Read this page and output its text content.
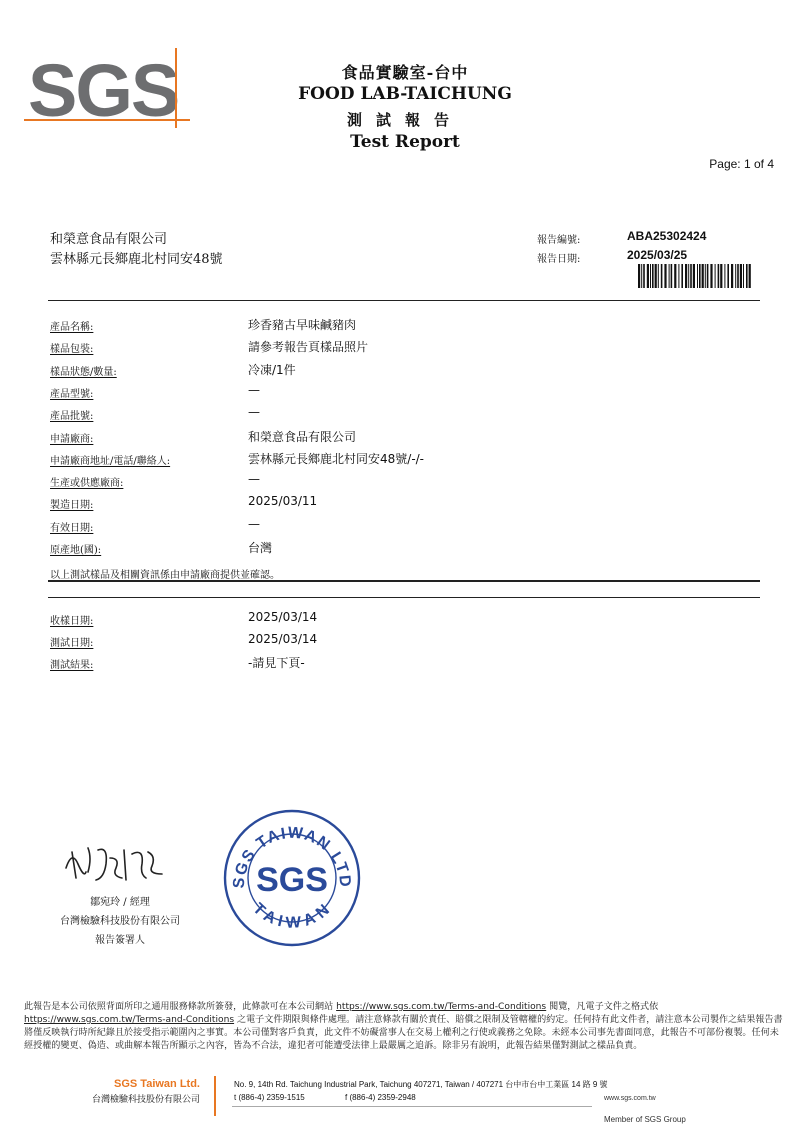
SGS	食品實驗室-台中
FOOD LAB-TAICHUNG
測試報告
Test Report
Page: 1 of 4
和榮意食品有限公司
雲林縣元長鄉鹿北村同安48號
報告編號:	ABA25302424
報告日期:	2025/03/25
產品名稱:	珍香豬古早味鹹豬肉
樣品包裝:	請參考報告頁樣品照片
樣品狀態/數量:	冷凍/1件
產品型號:	—
產品批號:	—
申請廠商:	和榮意食品有限公司
申請廠商地址/電話/聯絡人:	雲林縣元長鄉鹿北村同安48號/-/-
生產或供應廠商:	—
製造日期:	2025/03/11
有效日期:	—
原產地(國):	台灣
以上測試樣品及相關資訊係由申請廠商提供並確認。
收樣日期:	2025/03/14
測試日期:	2025/03/14
測試結果:	-請見下頁-
鄒宛玲 / 經理
台灣檢驗科技股份有限公司
報告簽署人
SGS TAIWAN LTD
TAIWAN
SGS
此報告是本公司依照背面所印之通用服務條款所簽發，此條款可在本公司網站 https://www.sgs.com.tw/Terms-and-Conditions 閱覽，凡電子文件之格式依 https://www.sgs.com.tw/Terms-and-Conditions 之電子文件期限與條件處理。請注意條款有關於責任、賠償之限制及管轄權的約定。任何持有此文件者，請注意本公司製作之結果報告書將僅反映執行時所紀錄且於接受指示範圍內之事實。本公司僅對客戶負責，此文件不妨礙當事人在交易上權利之行使或義務之免除。未經本公司事先書面同意，此報告不可部份複製。任何未經授權的變更、偽造、或曲解本報告所顯示之內容，皆為不合法，違犯者可能遭受法律上最嚴厲之追訴。除非另有說明，此報告結果僅對測試之樣品負責。
SGS Taiwan Ltd.
台灣檢驗科技股份有限公司
No. 9, 14th Rd. Taichung Industrial Park, Taichung 407271, Taiwan / 407271 台中市台中工業區 14 路 9 號
t (886-4) 2359-1515	f (886-4) 2359-2948	www.sgs.com.tw
Member of SGS Group
